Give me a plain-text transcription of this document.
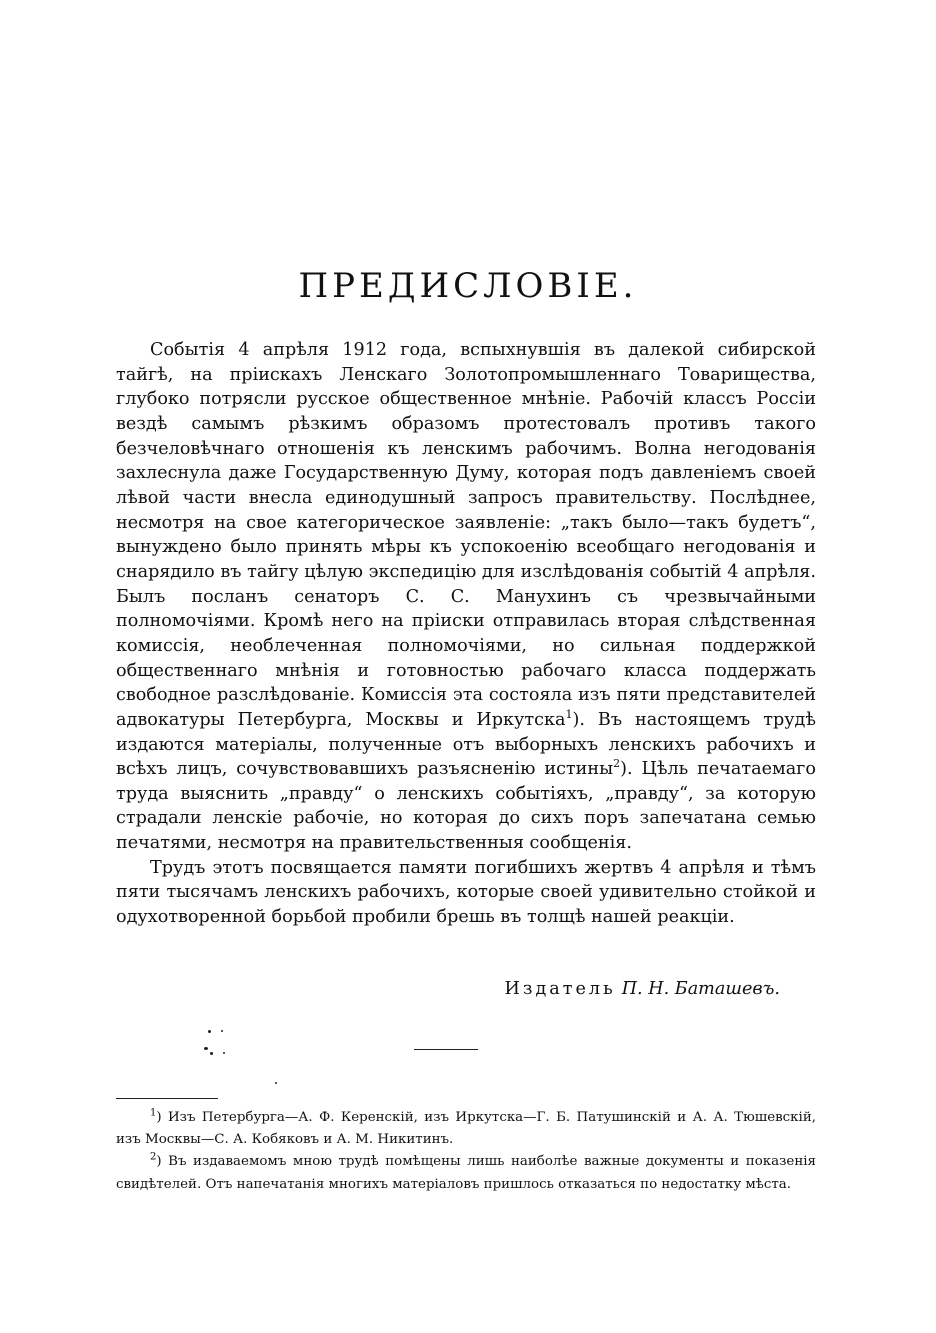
ПРЕДИСЛОВІЕ.

Событія 4 апрѣля 1912 года, вспыхнувшія въ далекой сибирской тайгѣ, на пріискахъ Ленскаго Золотопромышленнаго Товарищества, глубоко потрясли русское общественное мнѣніе. Рабочій классъ Россіи вездѣ самымъ рѣзкимъ образомъ протестовалъ противъ такого безчеловѣчнаго отношенія къ ленскимъ рабочимъ. Волна негодованія захлеснула даже Государственную Думу, которая подъ давленіемъ своей лѣвой части внесла единодушный запросъ правительству. Послѣднее, несмотря на свое категорическое заявленіе: „такъ было—такъ будетъ“, вынуждено было принять мѣры къ успокоенію всеобщаго негодованія и снарядило въ тайгу цѣлую экспедицію для изслѣдованія событій 4 апрѣля. Былъ посланъ сенаторъ С. С. Манухинъ съ чрезвычайными полномочіями. Кромѣ него на пріиски отправилась вторая слѣдственная комиссія, необлеченная полномочіями, но сильная поддержкой общественнаго мнѣнія и готовностью рабочаго класса поддержать свободное разслѣдованіе. Комиссія эта состояла изъ пяти представителей адвокатуры Петербурга, Москвы и Иркутска$^1$). Въ настоящемъ трудѣ издаются матеріалы, полученные отъ выборныхъ ленскихъ рабочихъ и всѣхъ лицъ, сочувствовавшихъ разъясненію истины$^2$). Цѣль печатаемаго труда выяснить „правду“ о ленскихъ событіяхъ, „правду“, за которую страдали ленскіе рабочіе, но которая до сихъ поръ запечатана семью печатями, несмотря на правительственныя сообщенія.

Трудъ этотъ посвящается памяти погибшихъ жертвъ 4 апрѣля и тѣмъ пяти тысячамъ ленскихъ рабочихъ, которые своей удивительно стойкой и одухотворенной борьбой пробили брешь въ толщѣ нашей реакціи.

Издатель П. Н. Баташевъ.

$^1$) Изъ Петербурга—А. Ф. Керенскій, изъ Иркутска—Г. Б. Патушинскій и А. А. Тюшевскій, изъ Москвы—С. А. Кобяковъ и А. М. Никитинъ.

$^2$) Въ издаваемомъ мною трудѣ помѣщены лишь наиболѣе важные документы и показенія свидѣтелей. Отъ напечатанія многихъ матеріаловъ пришлось отказаться по недостатку мѣста.
